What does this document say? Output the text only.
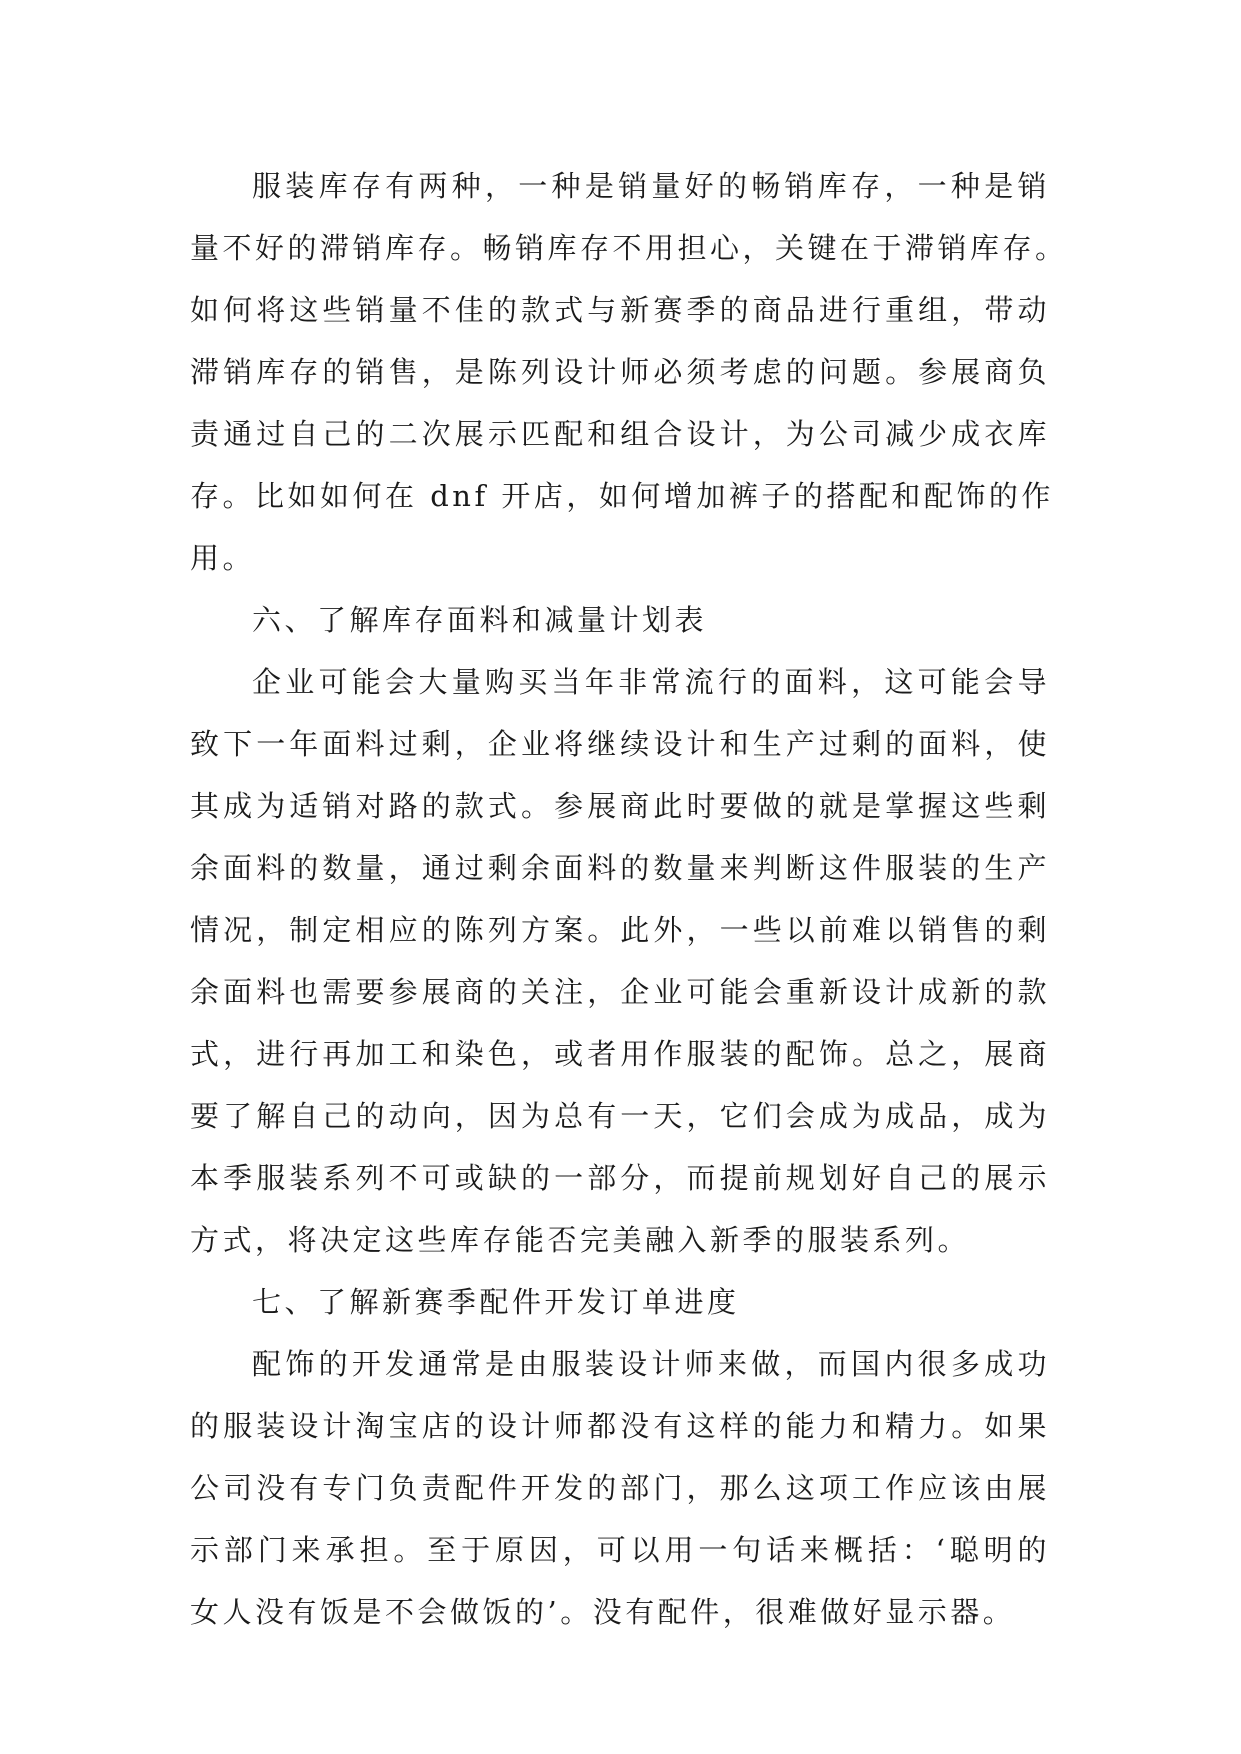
服装库存有两种，一种是销量好的畅销库存，一种是销
量不好的滞销库存。畅销库存不用担心，关键在于滞销库存。
如何将这些销量不佳的款式与新赛季的商品进行重组，带动
滞销库存的销售，是陈列设计师必须考虑的问题。参展商负
责通过自己的二次展示匹配和组合设计，为公司减少成衣库
存。比如如何在 dnf 开店，如何增加裤子的搭配和配饰的作
用。

六、了解库存面料和减量计划表

企业可能会大量购买当年非常流行的面料，这可能会导
致下一年面料过剩，企业将继续设计和生产过剩的面料，使
其成为适销对路的款式。参展商此时要做的就是掌握这些剩
余面料的数量，通过剩余面料的数量来判断这件服装的生产
情况，制定相应的陈列方案。此外，一些以前难以销售的剩
余面料也需要参展商的关注，企业可能会重新设计成新的款
式，进行再加工和染色，或者用作服装的配饰。总之，展商
要了解自己的动向，因为总有一天，它们会成为成品，成为
本季服装系列不可或缺的一部分，而提前规划好自己的展示
方式，将决定这些库存能否完美融入新季的服装系列。

七、了解新赛季配件开发订单进度

配饰的开发通常是由服装设计师来做，而国内很多成功
的服装设计淘宝店的设计师都没有这样的能力和精力。如果
公司没有专门负责配件开发的部门，那么这项工作应该由展
示部门来承担。至于原因，可以用一句话来概括：‘聪明的
女人没有饭是不会做饭的’。没有配件，很难做好显示器。
